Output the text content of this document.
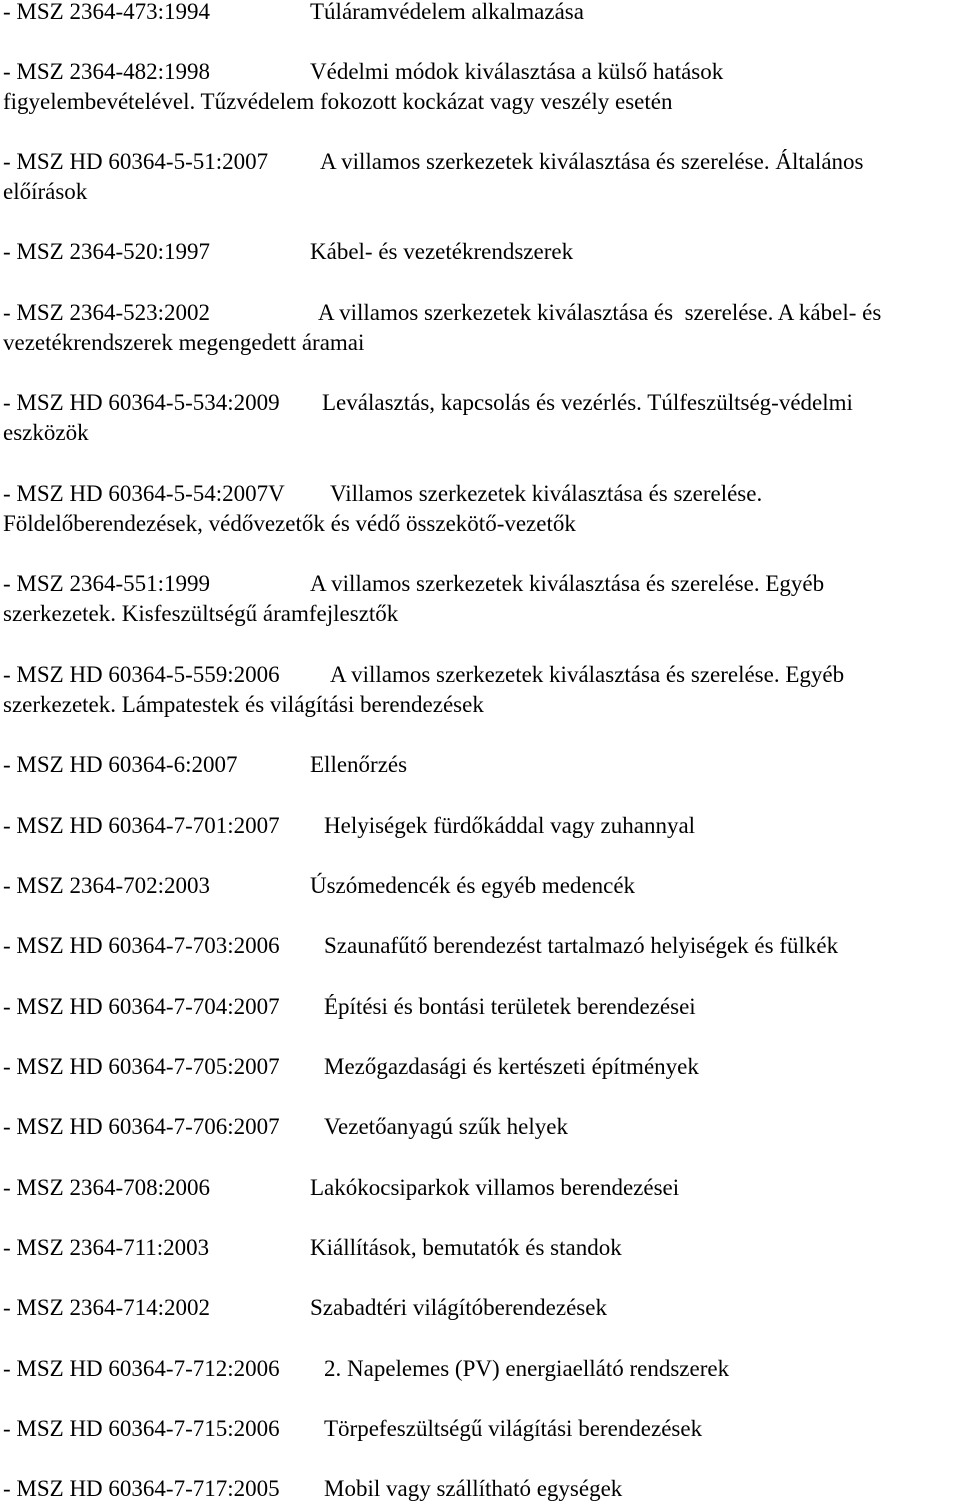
- MSZ 2364-473:1994	Túláramvédelem alkalmazása
- MSZ 2364-482:1998	Védelmi módok kiválasztása a külső hatások
figyelembevételével. Tűzvédelem fokozott kockázat vagy veszély esetén
- MSZ HD 60364-5-51:2007 A villamos szerkezetek kiválasztása és szerelése. Általános
előírások
- MSZ 2364-520:1997	Kábel- és vezetékrendszerek
- MSZ 2364-523:2002	A villamos szerkezetek kiválasztása és  szerelése. A kábel- és
vezetékrendszerek megengedett áramai
- MSZ HD 60364-5-534:2009 Leválasztás, kapcsolás és vezérlés. Túlfeszültség-védelmi
eszközök
- MSZ HD 60364-5-54:2007V Villamos szerkezetek kiválasztása és szerelése.
Földelőberendezések, védővezetők és védő összekötő-vezetők
- MSZ 2364-551:1999	A villamos szerkezetek kiválasztása és szerelése. Egyéb
szerkezetek. Kisfeszültségű áramfejlesztők
- MSZ HD 60364-5-559:2006 A villamos szerkezetek kiválasztása és szerelése. Egyéb
szerkezetek. Lámpatestek és világítási berendezések
- MSZ HD 60364-6:2007	Ellenőrzés
- MSZ HD 60364-7-701:2007 Helyiségek fürdőkáddal vagy zuhannyal
- MSZ 2364-702:2003	Úszómedencék és egyéb medencék
- MSZ HD 60364-7-703:2006 Szaunafűtő berendezést tartalmazó helyiségek és fülkék
- MSZ HD 60364-7-704:2007 Építési és bontási területek berendezései
- MSZ HD 60364-7-705:2007 Mezőgazdasági és kertészeti építmények
- MSZ HD 60364-7-706:2007 Vezetőanyagú szűk helyek
- MSZ 2364-708:2006	Lakókocsiparkok villamos berendezései
- MSZ 2364-711:2003	Kiállítások, bemutatók és standok
- MSZ 2364-714:2002	Szabadtéri világítóberendezések
- MSZ HD 60364-7-712:2006 2. Napelemes (PV) energiaellátó rendszerek
- MSZ HD 60364-7-715:2006 Törpefeszültségű világítási berendezések
- MSZ HD 60364-7-717:2005 Mobil vagy szállítható egységek
